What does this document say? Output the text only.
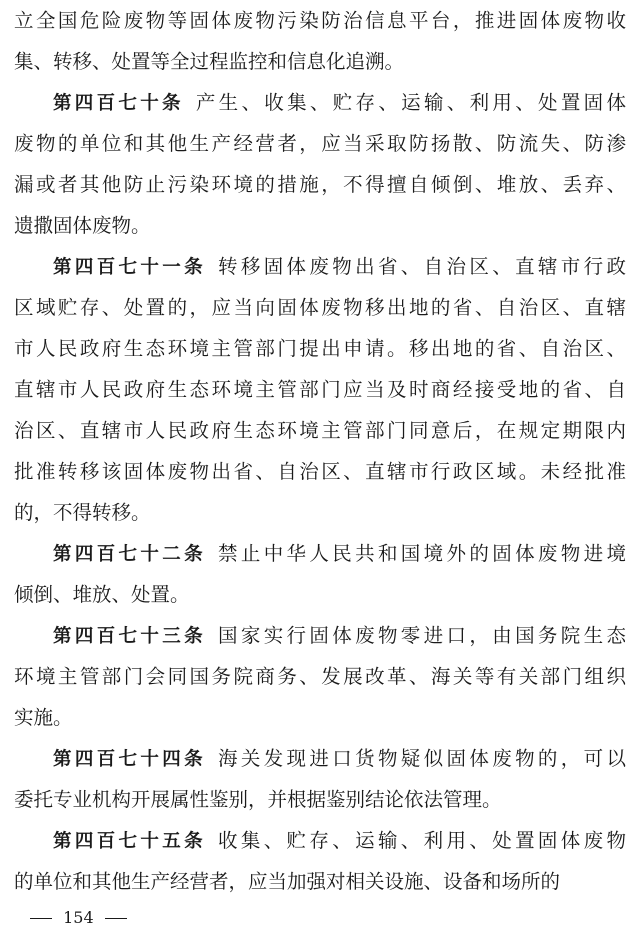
立全国危险废物等固体废物污染防治信息平台，推进固体废物收
集、转移、处置等全过程监控和信息化追溯。
第四百七十条 产生、收集、贮存、运输、利用、处置固体
废物的单位和其他生产经营者，应当采取防扬散、防流失、防渗
漏或者其他防止污染环境的措施，不得擅自倾倒、堆放、丢弃、
遗撒固体废物。
第四百七十一条 转移固体废物出省、自治区、直辖市行政
区域贮存、处置的，应当向固体废物移出地的省、自治区、直辖
市人民政府生态环境主管部门提出申请。移出地的省、自治区、
直辖市人民政府生态环境主管部门应当及时商经接受地的省、自
治区、直辖市人民政府生态环境主管部门同意后，在规定期限内
批准转移该固体废物出省、自治区、直辖市行政区域。未经批准
的，不得转移。
第四百七十二条 禁止中华人民共和国境外的固体废物进境
倾倒、堆放、处置。
第四百七十三条 国家实行固体废物零进口，由国务院生态
环境主管部门会同国务院商务、发展改革、海关等有关部门组织
实施。
第四百七十四条 海关发现进口货物疑似固体废物的，可以
委托专业机构开展属性鉴别，并根据鉴别结论依法管理。
第四百七十五条 收集、贮存、运输、利用、处置固体废物
的单位和其他生产经营者，应当加强对相关设施、设备和场所的
154
